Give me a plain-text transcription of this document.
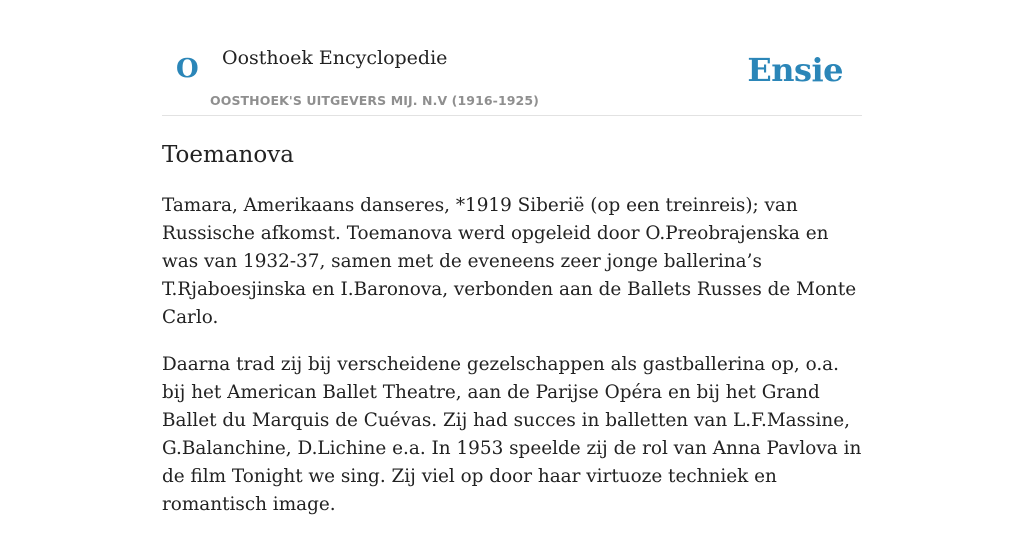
O Oosthoek Encyclopedie
OOSTHOEK'S UITGEVERS MIJ. N.V (1916-1925)
Ensie
Toemanova

Tamara, Amerikaans danseres, *1919 Siberië (op een treinreis); van Russische afkomst. Toemanova werd opgeleid door O.Preobrajenska en was van 1932-37, samen met de eveneens zeer jonge ballerina’s T.Rjaboesjinska en I.Baronova, verbonden aan de Ballets Russes de Monte Carlo.

Daarna trad zij bij verscheidene gezelschappen als gastballerina op, o.a. bij het American Ballet Theatre, aan de Parijse Opéra en bij het Grand Ballet du Marquis de Cuévas. Zij had succes in balletten van L.F.Massine, G.Balanchine, D.Lichine e.a. In 1953 speelde zij de rol van Anna Pavlova in de film Tonight we sing. Zij viel op door haar virtuoze techniek en romantisch image.
